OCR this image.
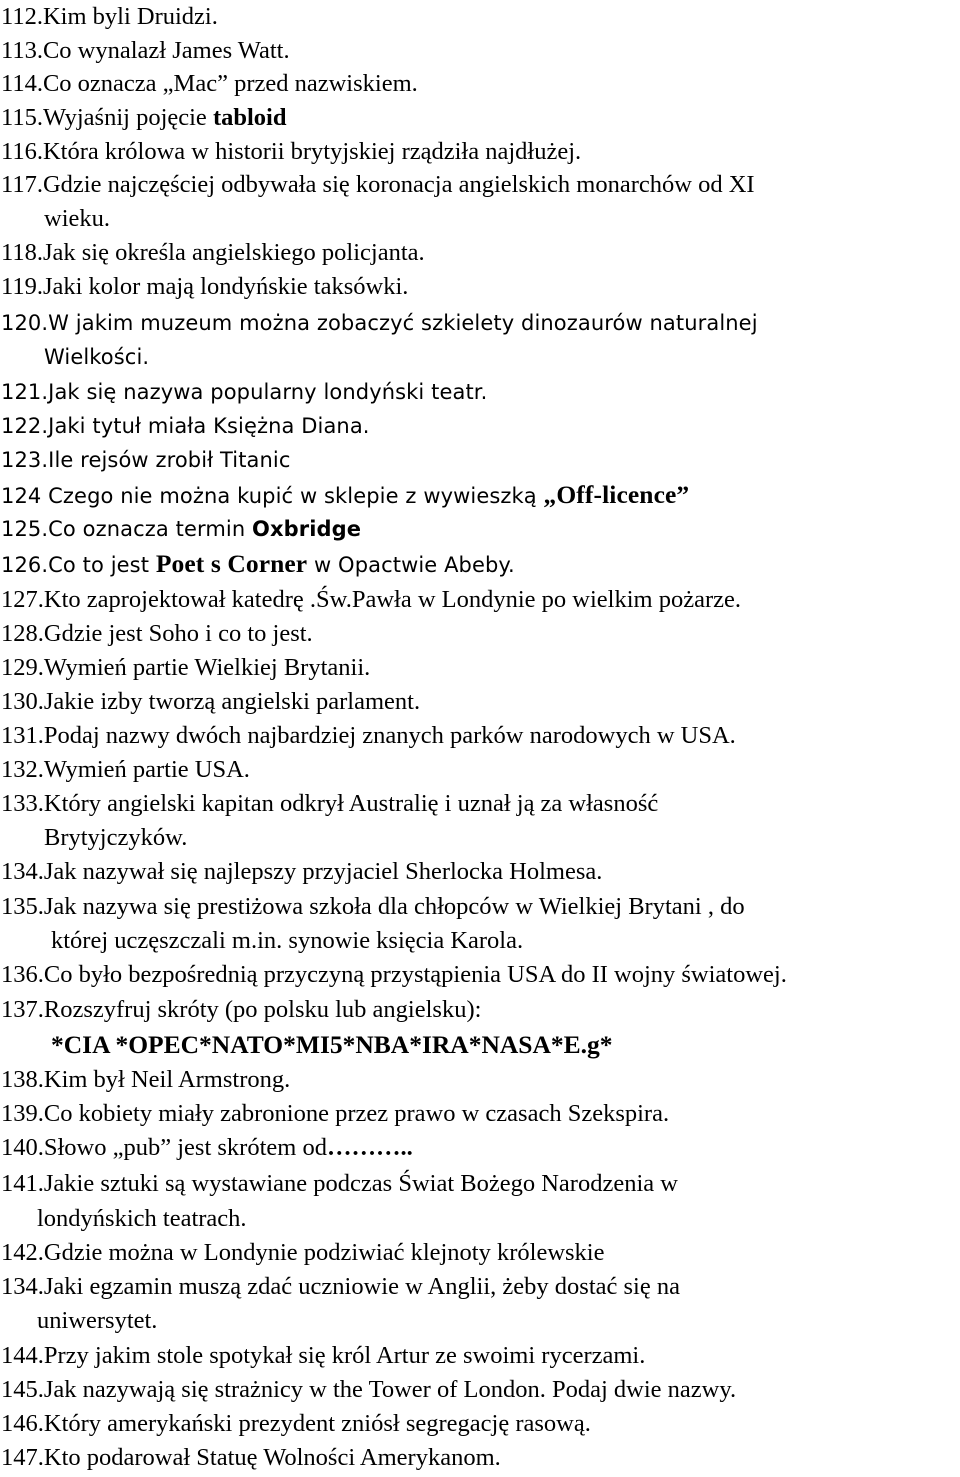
112.Kim byli Druidzi.
113.Co wynalazł James Watt.
114.Co oznacza „Mac” przed nazwiskiem.
115.Wyjaśnij pojęcie tabloid
116.Która królowa w historii brytyjskiej rządziła najdłużej.
117.Gdzie najczęściej odbywała się koronacja angielskich monarchów od XI
wieku.
118.Jak się określa angielskiego policjanta.
119.Jaki kolor mają londyńskie taksówki.
120.W jakim muzeum można zobaczyć szkielety dinozaurów naturalnej
Wielkości.
121.Jak się nazywa popularny londyński teatr.
122.Jaki tytuł miała Księżna Diana.
123.Ile rejsów zrobił Titanic
124 Czego nie można kupić w sklepie z wywieszką „Off-licence”
125.Co oznacza termin Oxbridge
126.Co to jest Poet s Corner w Opactwie Abeby.
127.Kto zaprojektował katedrę .Św.Pawła w Londynie po wielkim pożarze.
128.Gdzie jest Soho i co to jest.
129.Wymień partie Wielkiej Brytanii.
130.Jakie izby tworzą angielski parlament.
131.Podaj nazwy dwóch najbardziej znanych parków narodowych w USA.
132.Wymień partie USA.
133.Który angielski kapitan odkrył Australię i uznał ją za własność
Brytyjczyków.
134.Jak nazywał się najlepszy przyjaciel Sherlocka Holmesa.
135.Jak nazywa się prestiżowa szkoła dla chłopców w Wielkiej Brytani , do
której uczęszczali m.in. synowie księcia Karola.
136.Co było bezpośrednią przyczyną przystąpienia USA do II wojny światowej.
137.Rozszyfruj skróty (po polsku lub angielsku):
*CIA *OPEC*NATO*MI5*NBA*IRA*NASA*E.g*
138.Kim był Neil Armstrong.
139.Co kobiety miały zabronione przez prawo w czasach Szekspira.
140.Słowo „pub” jest skrótem od………..
141.Jakie sztuki są wystawiane podczas Świat Bożego Narodzenia w
londyńskich teatrach.
142.Gdzie można w Londynie podziwiać klejnoty królewskie
134.Jaki egzamin muszą zdać uczniowie w Anglii, żeby dostać się na
uniwersytet.
144.Przy jakim stole spotykał się król Artur ze swoimi rycerzami.
145.Jak nazywają się strażnicy w the Tower of London. Podaj dwie nazwy.
146.Który amerykański prezydent zniósł segregację rasową.
147.Kto podarował Statuę Wolności Amerykanom.
